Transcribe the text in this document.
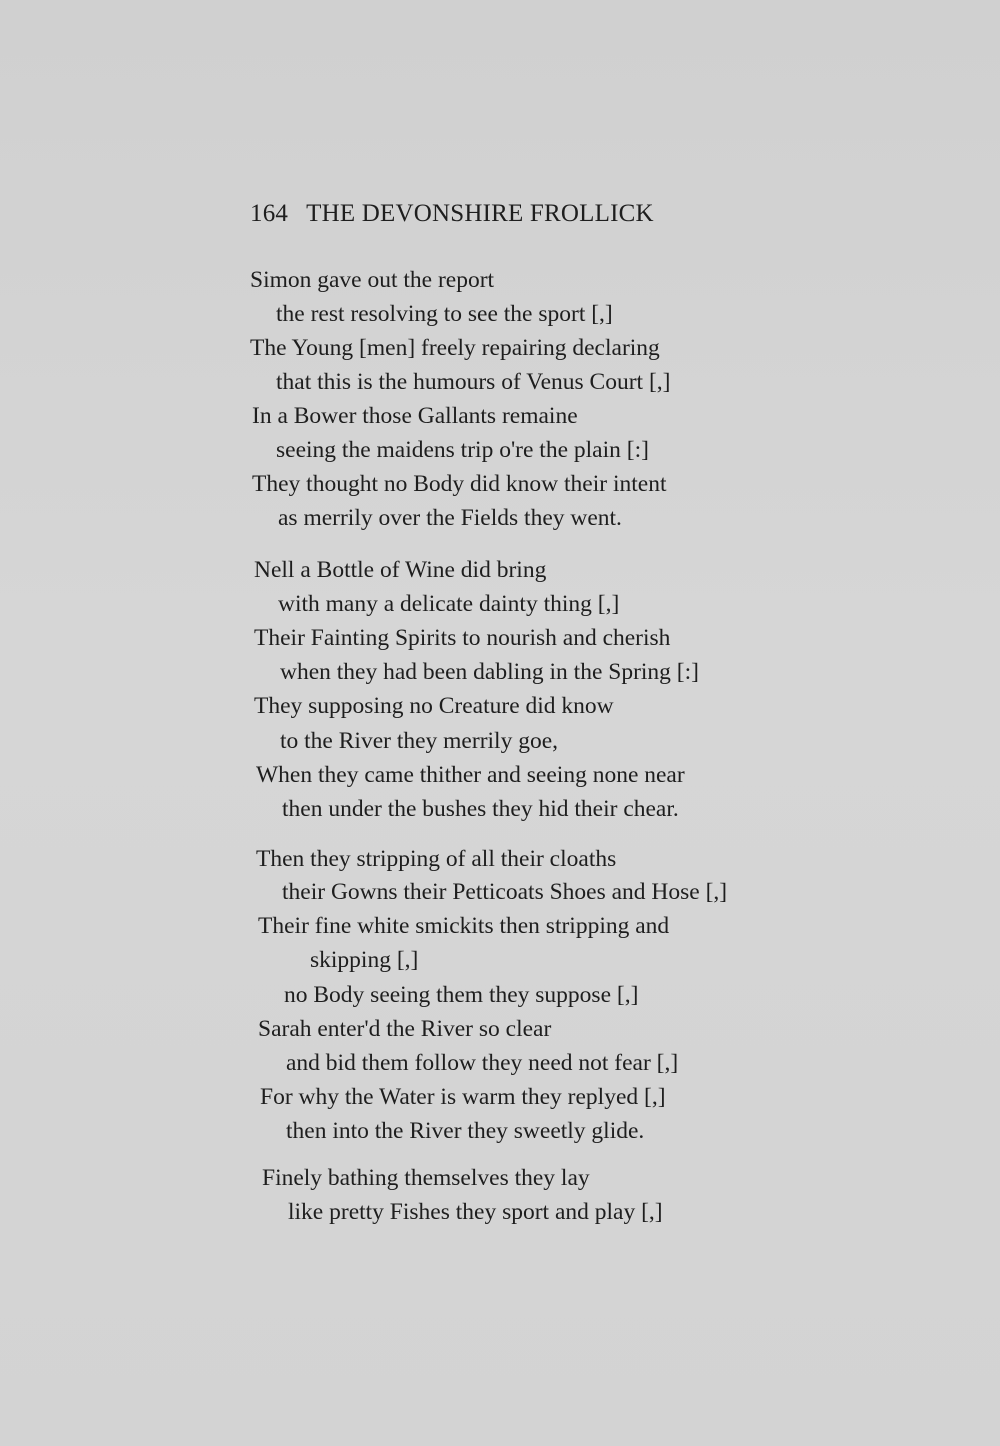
164 THE DEVONSHIRE FROLLICK
Simon gave out the report
the rest resolving to see the sport [,]
The Young [men] freely repairing declaring
that this is the humours of Venus Court [,]
In a Bower those Gallants remaine
seeing the maidens trip o're the plain [:]
They thought no Body did know their intent
as merrily over the Fields they went.
Nell a Bottle of Wine did bring
with many a delicate dainty thing [,]
Their Fainting Spirits to nourish and cherish
when they had been dabling in the Spring [:]
They supposing no Creature did know
to the River they merrily goe,
When they came thither and seeing none near
then under the bushes they hid their chear.
Then they stripping of all their cloaths
their Gowns their Petticoats Shoes and Hose [,]
Their fine white smickits then stripping and
skipping [,]
no Body seeing them they suppose [,]
Sarah enter'd the River so clear
and bid them follow they need not fear [,]
For why the Water is warm they replyed [,]
then into the River they sweetly glide.
Finely bathing themselves they lay
like pretty Fishes they sport and play [,]
